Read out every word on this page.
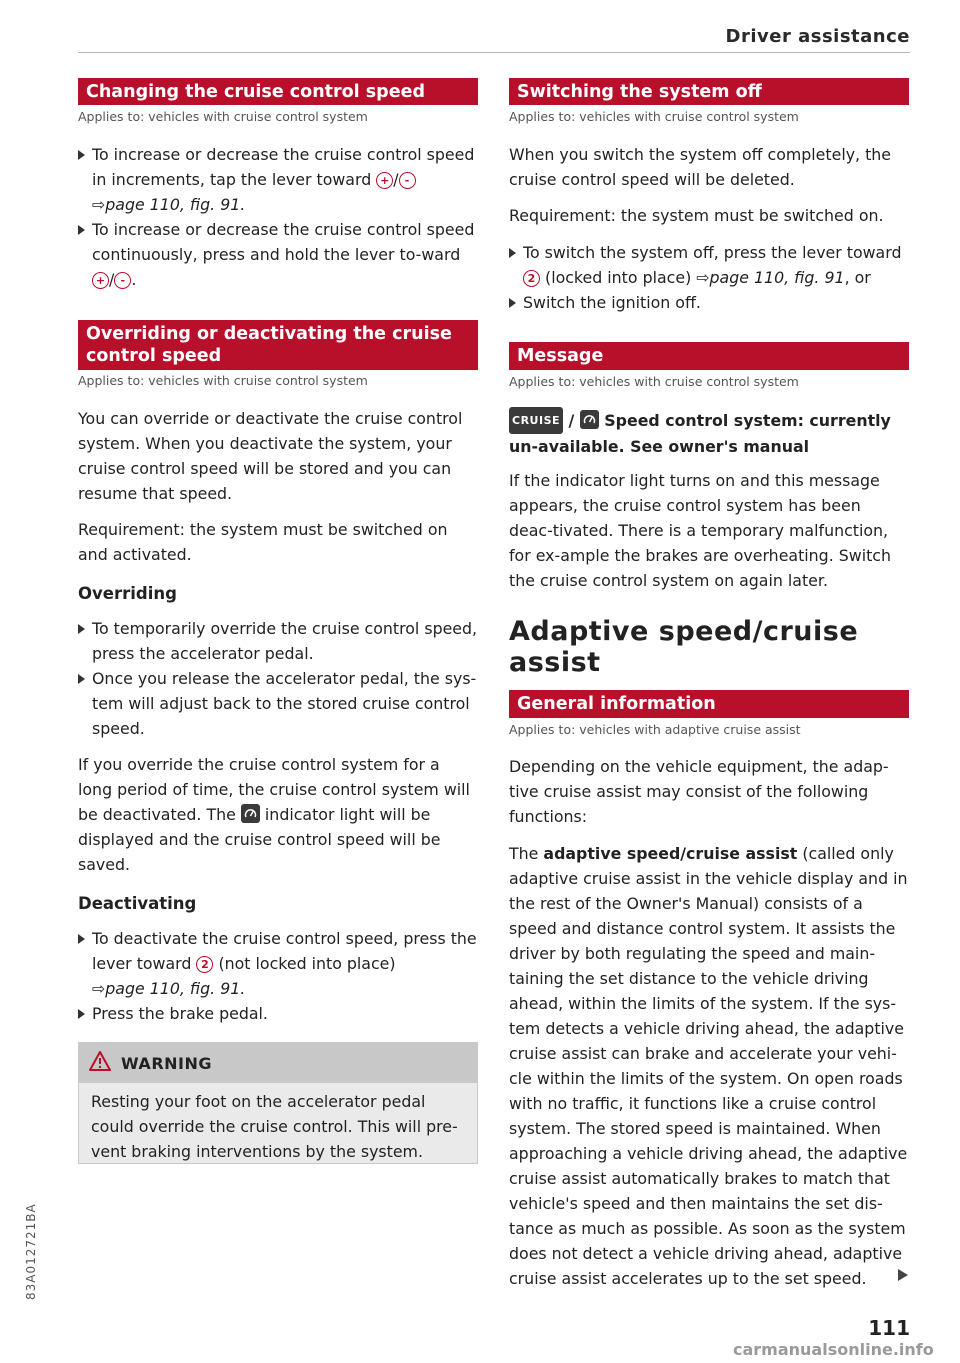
Driver assistance
Changing the cruise control speed
Applies to: vehicles with cruise control system
To increase or decrease the cruise control speed in increments, tap the lever toward + / -
⇨page 110, fig. 91.
To increase or decrease the cruise control speed continuously, press and hold the lever to-ward + / - .
Overriding or deactivating the cruise control speed
Applies to: vehicles with cruise control system
You can override or deactivate the cruise control system. When you deactivate the system, your cruise control speed will be stored and you can resume that speed.
Requirement: the system must be switched on and activated.
Overriding
To temporarily override the cruise control speed, press the accelerator pedal.
Once you release the accelerator pedal, the sys-tem will adjust back to the stored cruise control speed.
If you override the cruise control system for a long period of time, the cruise control system will be deactivated. The indicator light will be displayed and the cruise control speed will be saved.
Deactivating
To deactivate the cruise control speed, press the lever toward 2 (not locked into place)
⇨page 110, fig. 91.
Press the brake pedal.
WARNING
Resting your foot on the accelerator pedal could override the cruise control. This will pre-vent braking interventions by the system.
Switching the system off
Applies to: vehicles with cruise control system
When you switch the system off completely, the cruise control speed will be deleted.
Requirement: the system must be switched on.
To switch the system off, press the lever toward
2 (locked into place) ⇨page 110, fig. 91, or
Switch the ignition off.
Message
Applies to: vehicles with cruise control system
CRUISE / Speed control system: currently un-available. See owner's manual
If the indicator light turns on and this message appears, the cruise control system has been deac-tivated. There is a temporary malfunction, for ex-ample the brakes are overheating. Switch the cruise control system on again later.
Adaptive speed/cruise assist
General information
Applies to: vehicles with adaptive cruise assist
Depending on the vehicle equipment, the adap-tive cruise assist may consist of the following functions:
The adaptive speed/cruise assist (called only adaptive cruise assist in the vehicle display and in the rest of the Owner's Manual) consists of a speed and distance control system. It assists the driver by both regulating the speed and main-taining the set distance to the vehicle driving ahead, within the limits of the system. If the sys-tem detects a vehicle driving ahead, the adaptive cruise assist can brake and accelerate your vehi-cle within the limits of the system. On open roads with no traffic, it functions like a cruise control system. The stored speed is maintained. When approaching a vehicle driving ahead, the adaptive cruise assist automatically brakes to match that vehicle's speed and then maintains the set dis-tance as much as possible. As soon as the system does not detect a vehicle driving ahead, adaptive cruise assist accelerates up to the set speed.
83A012721BA
111
carmanualsonline.info
